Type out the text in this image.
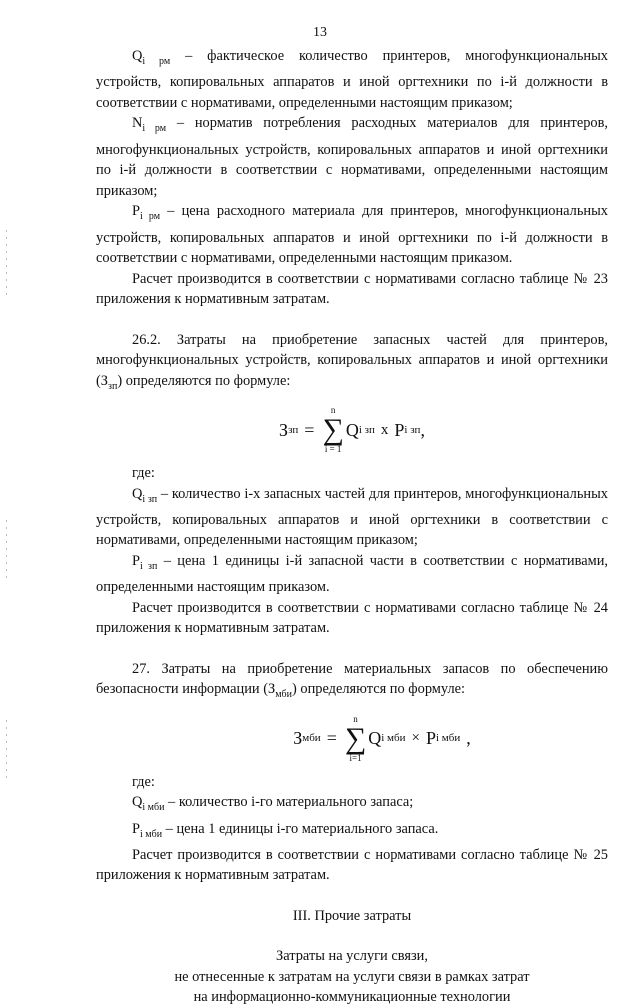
13

$Q_{i рм}$ – фактическое количество принтеров, многофункциональных устройств, копировальных аппаратов и иной оргтехники по i-й должности в соответствии с нормативами, определенными настоящим приказом;

$N_{i рм}$ – норматив потребления расходных материалов для принтеров, многофункциональных устройств, копировальных аппаратов и иной оргтехники по i-й должности в соответствии с нормативами, определенными настоящим приказом;

$P_{i рм}$ – цена расходного материала для принтеров, многофункциональных устройств, копировальных аппаратов и иной оргтехники по i-й должности в соответствии с нормативами, определенными настоящим приказом.

Расчет производится в соответствии с нормативами согласно таблице № 23 приложения к нормативным затратам.

26.2. Затраты на приобретение запасных частей для принтеров, многофункциональных устройств, копировальных аппаратов и иной оргтехники $(З_{зп})$ определяются по формуле:

З зп =
n
∑
i = 1
Q i зп x P i зп ,

где:

$Q_{i зп}$ – количество i-х запасных частей для принтеров, многофункциональных устройств, копировальных аппаратов и иной оргтехники в соответствии с нормативами, определенными настоящим приказом;

$P_{i зп}$ – цена 1 единицы i-й запасной части в соответствии с нормативами, определенными настоящим приказом.

Расчет производится в соответствии с нормативами согласно таблице № 24 приложения к нормативным затратам.

27. Затраты на приобретение материальных запасов по обеспечению безопасности информации $(З_{мби})$ определяются по формуле:

З мби =
n
∑
i=1
Q i мби × P i мби ,

где:

$Q_{i мби}$ – количество i-го материального запаса;

$P_{i мби}$ – цена 1 единицы i-го материального запаса.

Расчет производится в соответствии с нормативами согласно таблице № 25 приложения к нормативным затратам.

III. Прочие затраты

Затраты на услуги связи,

не отнесенные к затратам на услуги связи в рамках затрат

на информационно-коммуникационные технологии
